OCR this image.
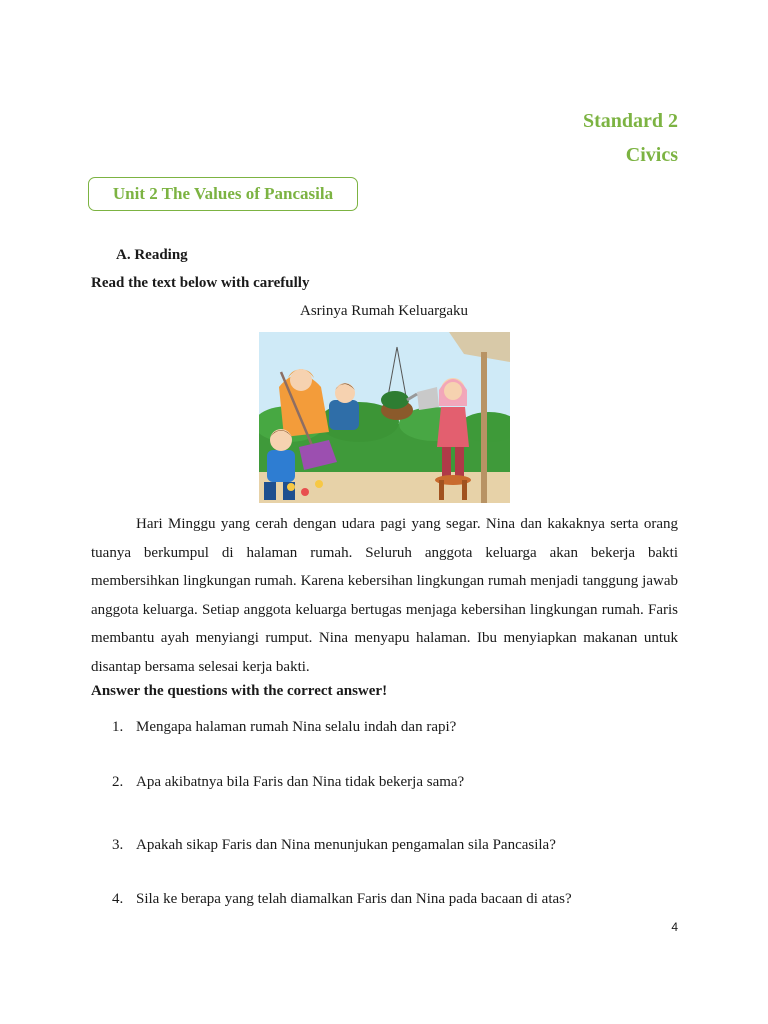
Standard 2
Civics
Unit 2 The Values of Pancasila
A. Reading
Read the text below with carefully
Asrinya Rumah Keluargaku

Hari Minggu yang cerah dengan udara pagi yang segar. Nina dan kakaknya serta orang tuanya berkumpul di halaman rumah. Seluruh anggota keluarga akan bekerja bakti membersihkan lingkungan rumah. Karena kebersihan lingkungan rumah menjadi tanggung jawab anggota keluarga. Setiap anggota keluarga bertugas menjaga kebersihan lingkungan rumah. Faris membantu ayah menyiangi rumput. Nina menyapu halaman. Ibu menyiapkan makanan untuk disantap bersama selesai kerja bakti.

Answer the questions with the correct answer!
1. Mengapa halaman rumah Nina selalu indah dan rapi?
2. Apa akibatnya bila Faris dan Nina tidak bekerja sama?
3. Apakah sikap Faris dan Nina menunjukan pengamalan sila Pancasila?
4. Sila ke berapa yang telah diamalkan Faris dan Nina pada bacaan di atas?
4
